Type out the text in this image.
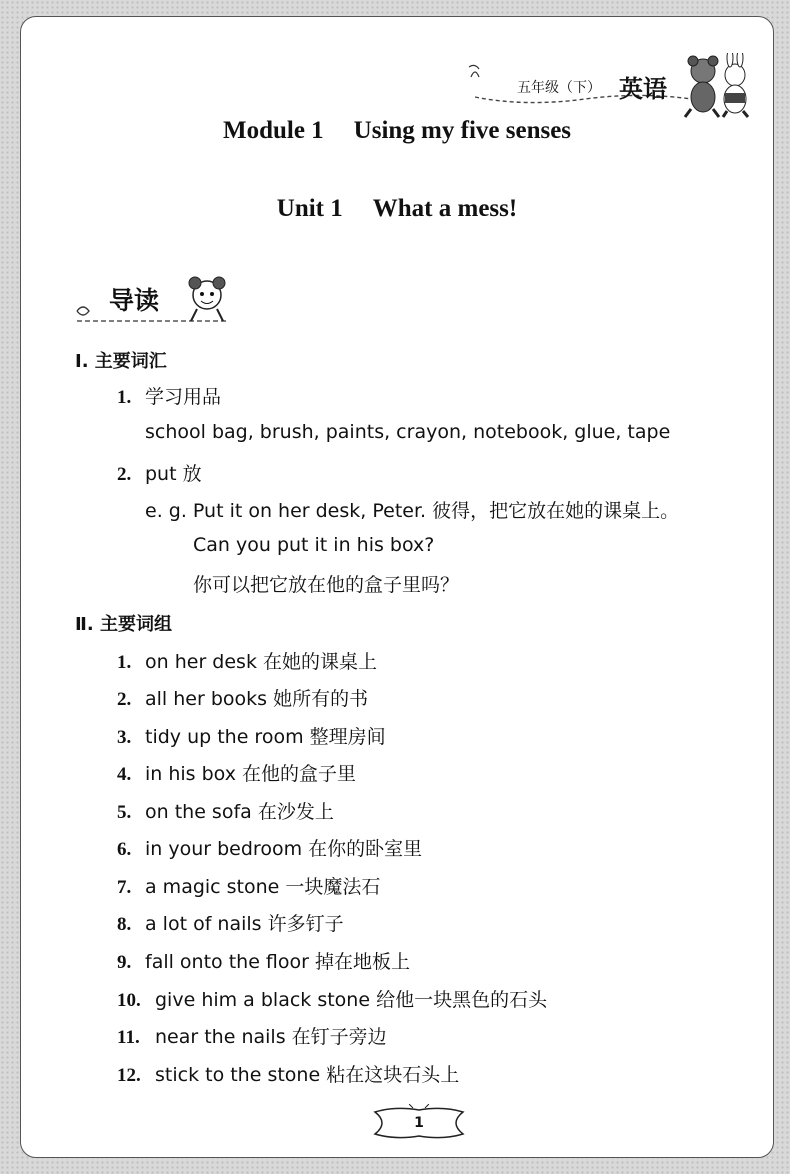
五年级（下） 英语
Module 1 Using my five senses
Unit 1 What a mess!
导读
Ⅰ. 主要词汇
1. 学习用品
school bag, brush, paints, crayon, notebook, glue, tape
2. put 放
e. g. Put it on her desk, Peter. 彼得，把它放在她的课桌上。
Can you put it in his box?
你可以把它放在他的盒子里吗？
Ⅱ. 主要词组
1. on her desk 在她的课桌上
2. all her books 她所有的书
3. tidy up the room 整理房间
4. in his box 在他的盒子里
5. on the sofa 在沙发上
6. in your bedroom 在你的卧室里
7. a magic stone 一块魔法石
8. a lot of nails 许多钉子
9. fall onto the floor 掉在地板上
10. give him a black stone 给他一块黑色的石头
11. near the nails 在钉子旁边
12. stick to the stone 粘在这块石头上
1
